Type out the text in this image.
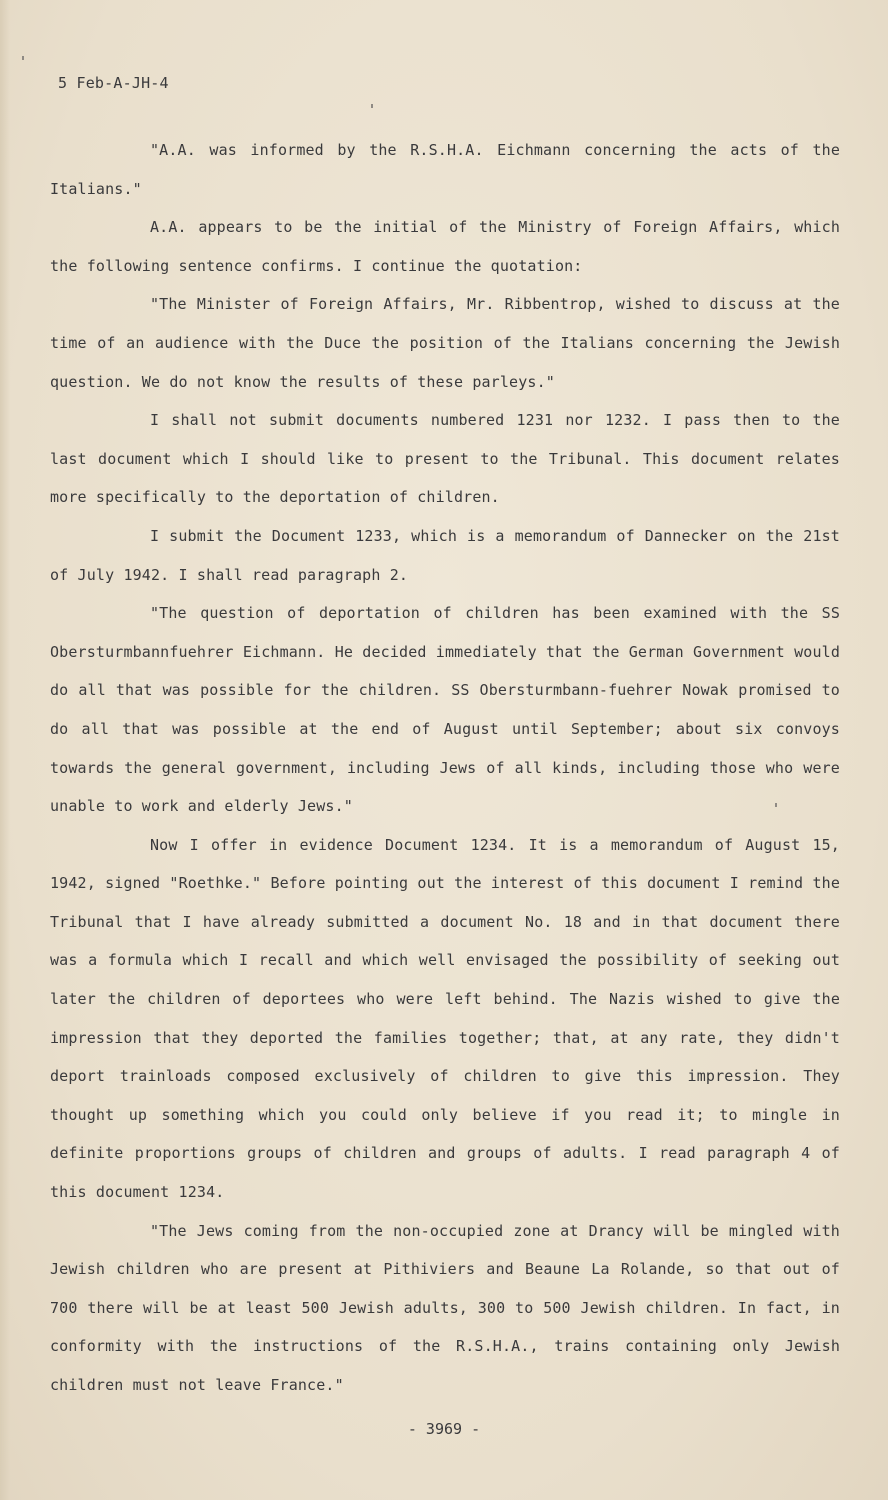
5 Feb-A-JH-4

"A.A. was informed by the R.S.H.A. Eichmann concerning the acts of the Italians."

A.A. appears to be the initial of the Ministry of Foreign Affairs, which the following sentence confirms. I continue the quotation:

"The Minister of Foreign Affairs, Mr. Ribbentrop, wished to discuss at the time of an audience with the Duce the position of the Italians concerning the Jewish question. We do not know the results of these parleys."

I shall not submit documents numbered 1231 nor 1232. I pass then to the last document which I should like to present to the Tribunal. This document relates more specifically to the deportation of children.

I submit the Document 1233, which is a memorandum of Dannecker on the 21st of July 1942. I shall read paragraph 2.

"The question of deportation of children has been examined with the SS Obersturmbannfuehrer Eichmann. He decided immediately that the German Government would do all that was possible for the children. SS Obersturmbann-fuehrer Nowak promised to do all that was possible at the end of August until September; about six convoys towards the general government, including Jews of all kinds, including those who were unable to work and elderly Jews."

Now I offer in evidence Document 1234. It is a memorandum of August 15, 1942, signed "Roethke." Before pointing out the interest of this document I remind the Tribunal that I have already submitted a document No. 18 and in that document there was a formula which I recall and which well envisaged the possibility of seeking out later the children of deportees who were left behind. The Nazis wished to give the impression that they deported the families together; that, at any rate, they didn't deport trainloads composed exclusively of children to give this impression. They thought up something which you could only believe if you read it; to mingle in definite proportions groups of children and groups of adults. I read paragraph 4 of this document 1234.

"The Jews coming from the non-occupied zone at Drancy will be mingled with Jewish children who are present at Pithiviers and Beaune La Rolande, so that out of 700 there will be at least 500 Jewish adults, 300 to 500 Jewish children. In fact, in conformity with the instructions of the R.S.H.A., trains containing only Jewish children must not leave France."

- 3969 -
